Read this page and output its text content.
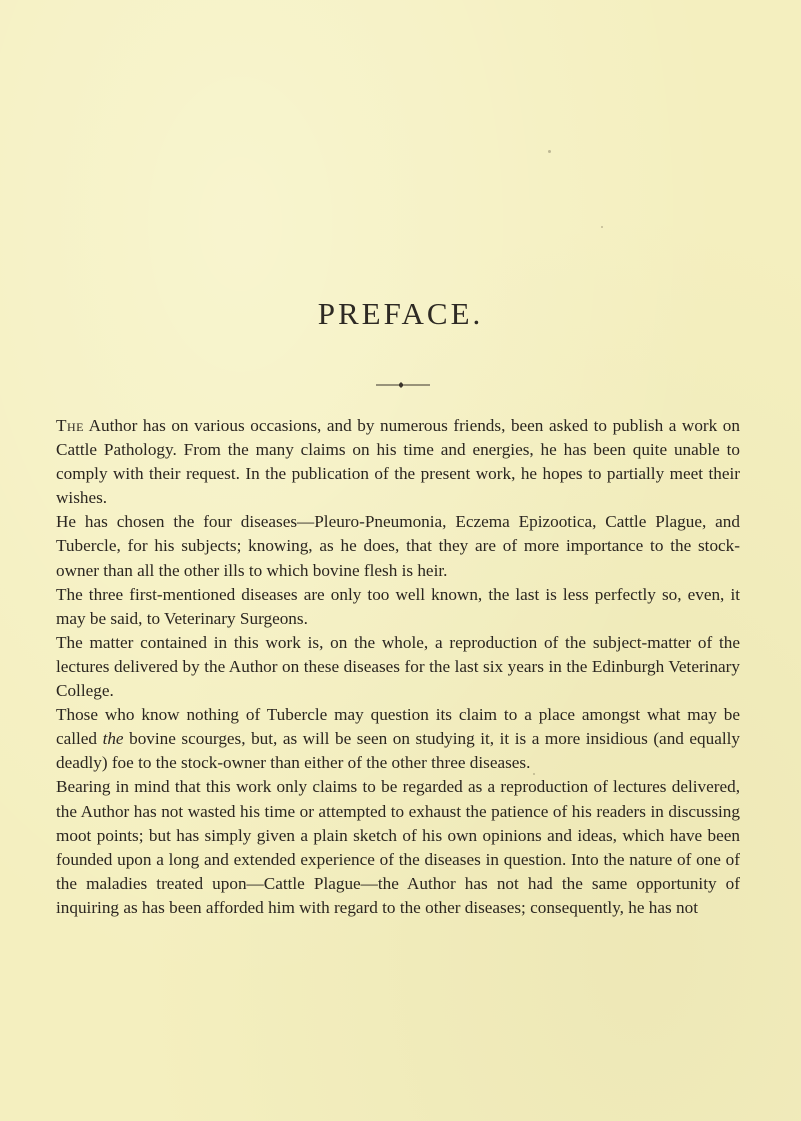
PREFACE.

The Author has on various occasions, and by numerous friends, been asked to publish a work on Cattle Pathology. From the many claims on his time and energies, he has been quite unable to comply with their request. In the publication of the present work, he hopes to partially meet their wishes.

He has chosen the four diseases—Pleuro-Pneumonia, Eczema Epizootica, Cattle Plague, and Tubercle, for his subjects; knowing, as he does, that they are of more importance to the stock-owner than all the other ills to which bovine flesh is heir.

The three first-mentioned diseases are only too well known, the last is less perfectly so, even, it may be said, to Veterinary Surgeons.

The matter contained in this work is, on the whole, a reproduction of the subject-matter of the lectures delivered by the Author on these diseases for the last six years in the Edinburgh Veterinary College.

Those who know nothing of Tubercle may question its claim to a place amongst what may be called the bovine scourges, but, as will be seen on studying it, it is a more insidious (and equally deadly) foe to the stock-owner than either of the other three diseases.

Bearing in mind that this work only claims to be regarded as a reproduction of lectures delivered, the Author has not wasted his time or attempted to exhaust the patience of his readers in discussing moot points; but has simply given a plain sketch of his own opinions and ideas, which have been founded upon a long and extended experience of the diseases in question. Into the nature of one of the maladies treated upon—Cattle Plague—the Author has not had the same opportunity of inquiring as has been afforded him with regard to the other diseases; consequently, he has not
